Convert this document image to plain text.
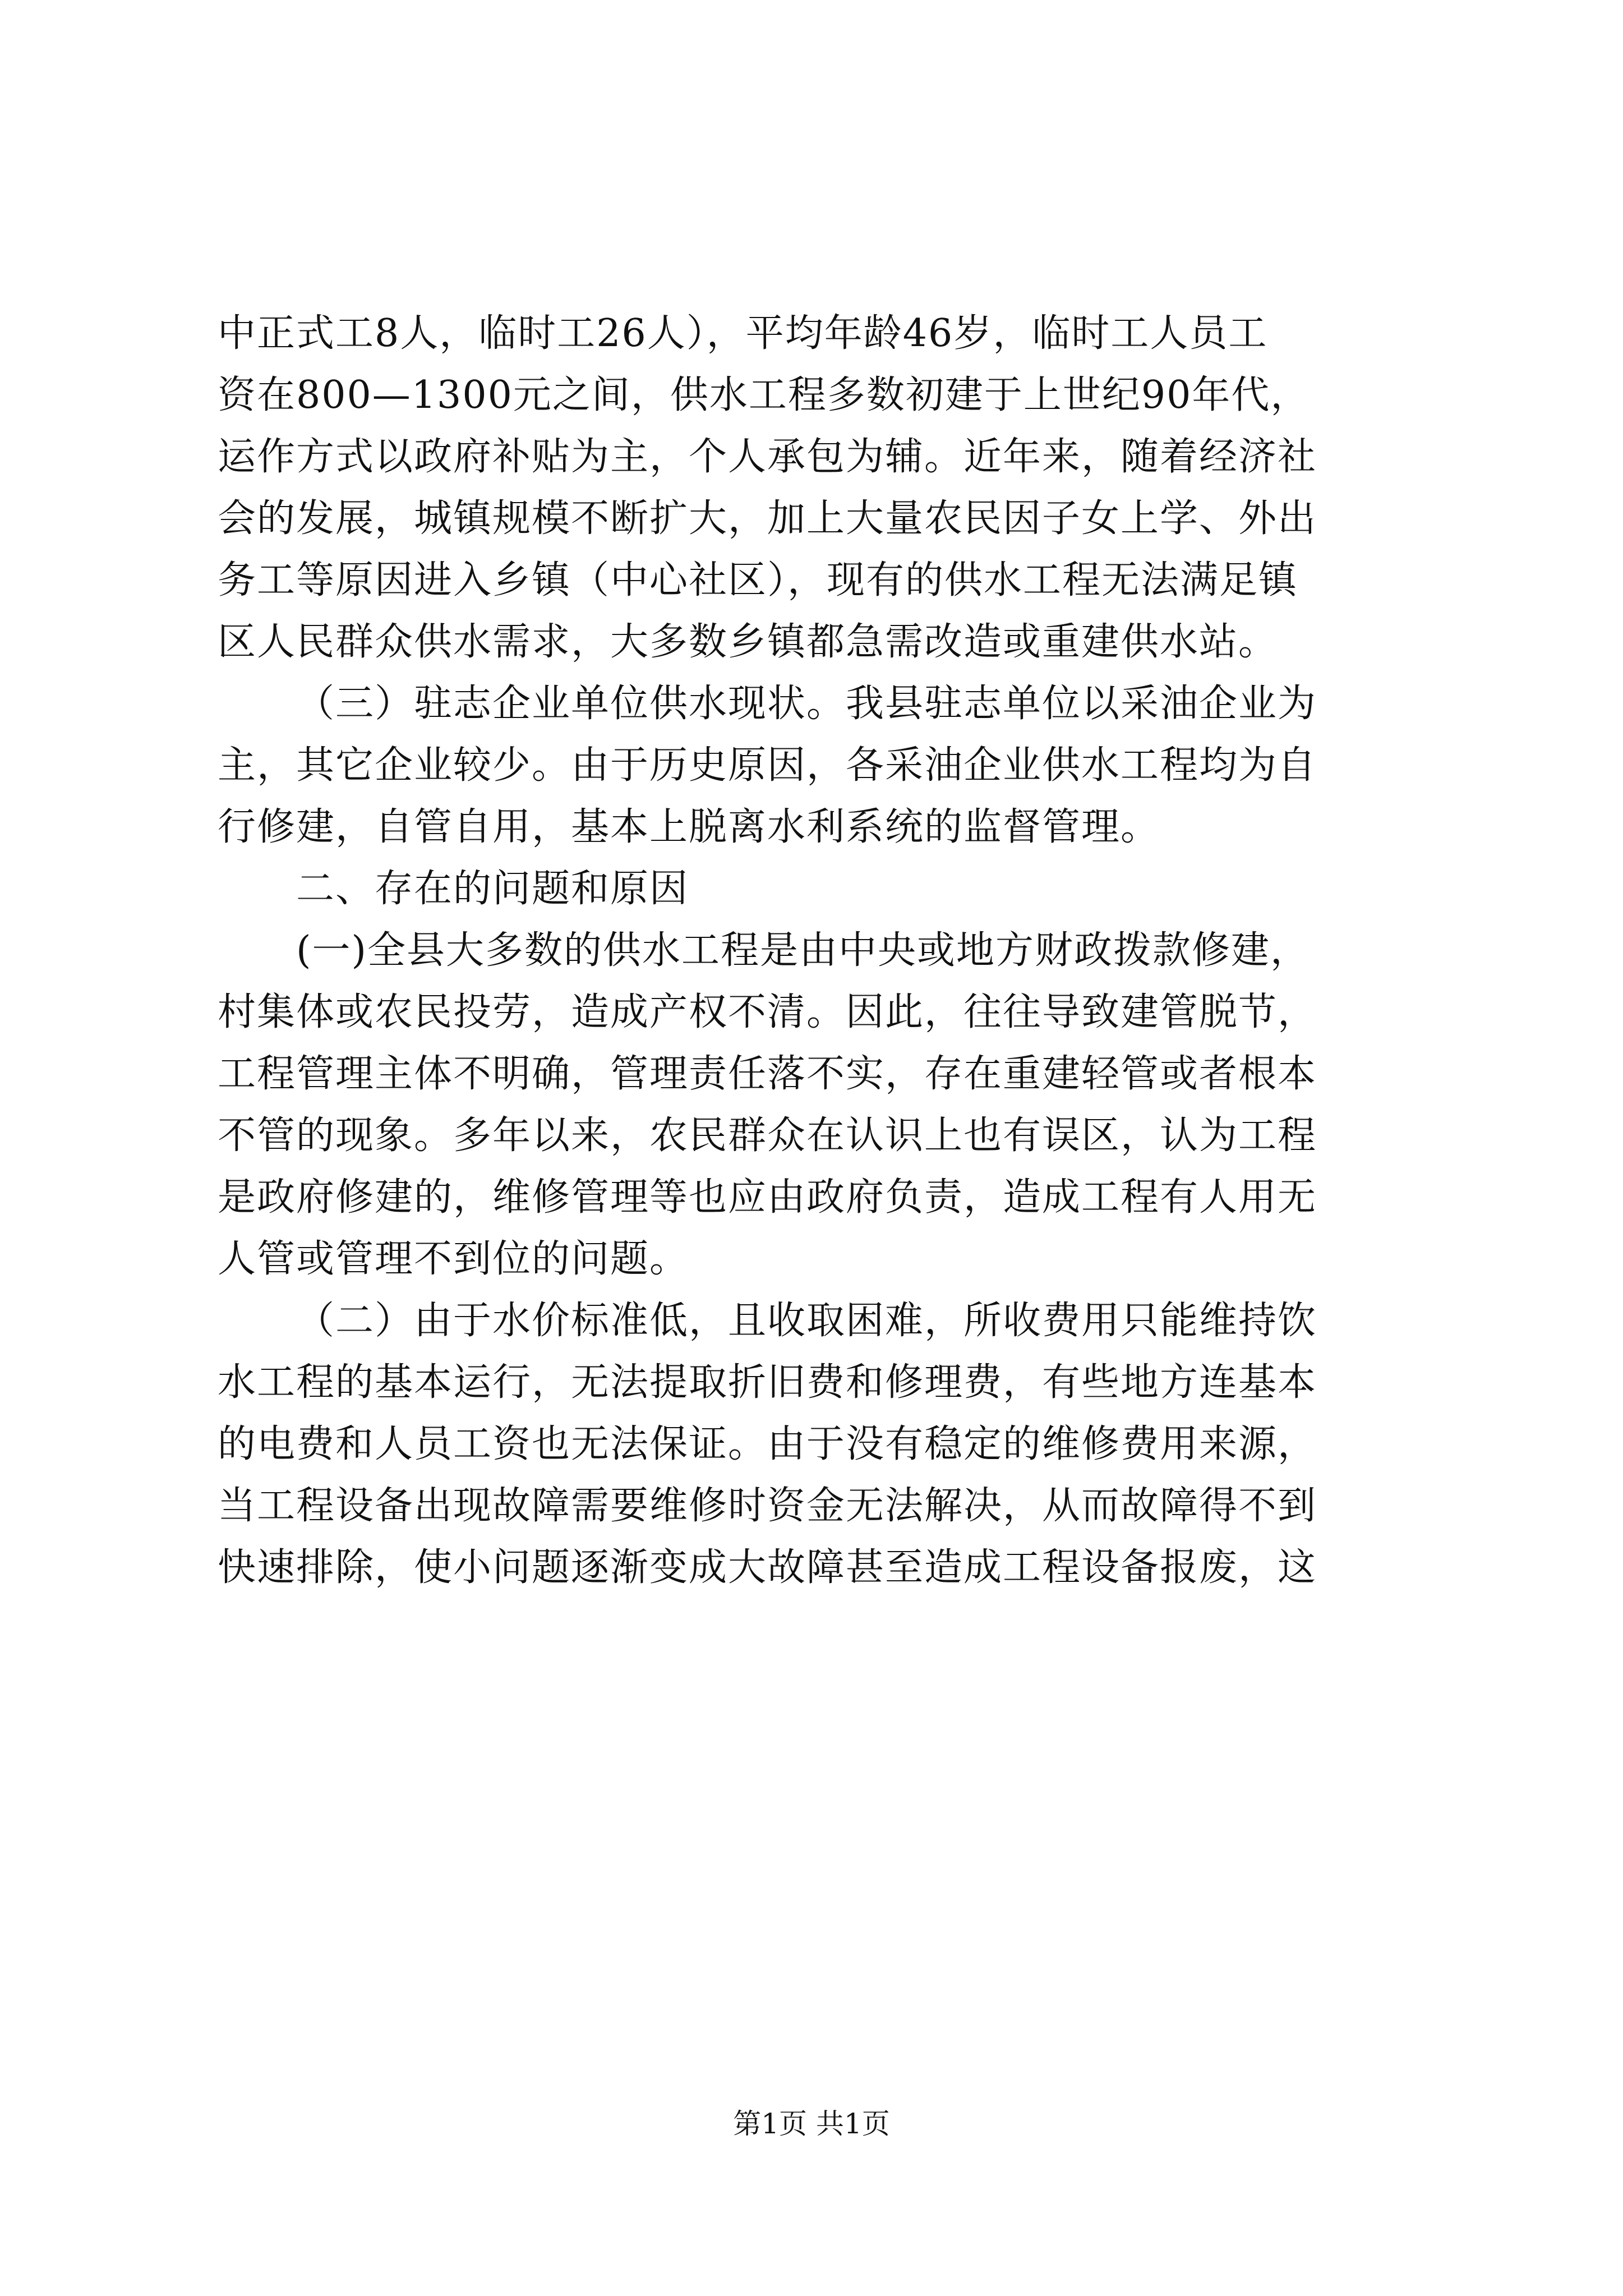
中正式工8人，临时工26人），平均年龄46岁，临时工人员工
资在800—1300元之间，供水工程多数初建于上世纪90年代，
运作方式以政府补贴为主，个人承包为辅。近年来，随着经济社
会的发展，城镇规模不断扩大，加上大量农民因子女上学、外出
务工等原因进入乡镇（中心社区），现有的供水工程无法满足镇
区人民群众供水需求，大多数乡镇都急需改造或重建供水站。
（三）驻志企业单位供水现状。我县驻志单位以采油企业为
主，其它企业较少。由于历史原因，各采油企业供水工程均为自
行修建，自管自用，基本上脱离水利系统的监督管理。
二、存在的问题和原因
(一)全县大多数的供水工程是由中央或地方财政拨款修建，
村集体或农民投劳，造成产权不清。因此，往往导致建管脱节，
工程管理主体不明确，管理责任落不实，存在重建轻管或者根本
不管的现象。多年以来，农民群众在认识上也有误区，认为工程
是政府修建的，维修管理等也应由政府负责，造成工程有人用无
人管或管理不到位的问题。
（二）由于水价标准低，且收取困难，所收费用只能维持饮
水工程的基本运行，无法提取折旧费和修理费，有些地方连基本
的电费和人员工资也无法保证。由于没有稳定的维修费用来源，
当工程设备出现故障需要维修时资金无法解决，从而故障得不到
快速排除，使小问题逐渐变成大故障甚至造成工程设备报废，这
第1页 共1页
